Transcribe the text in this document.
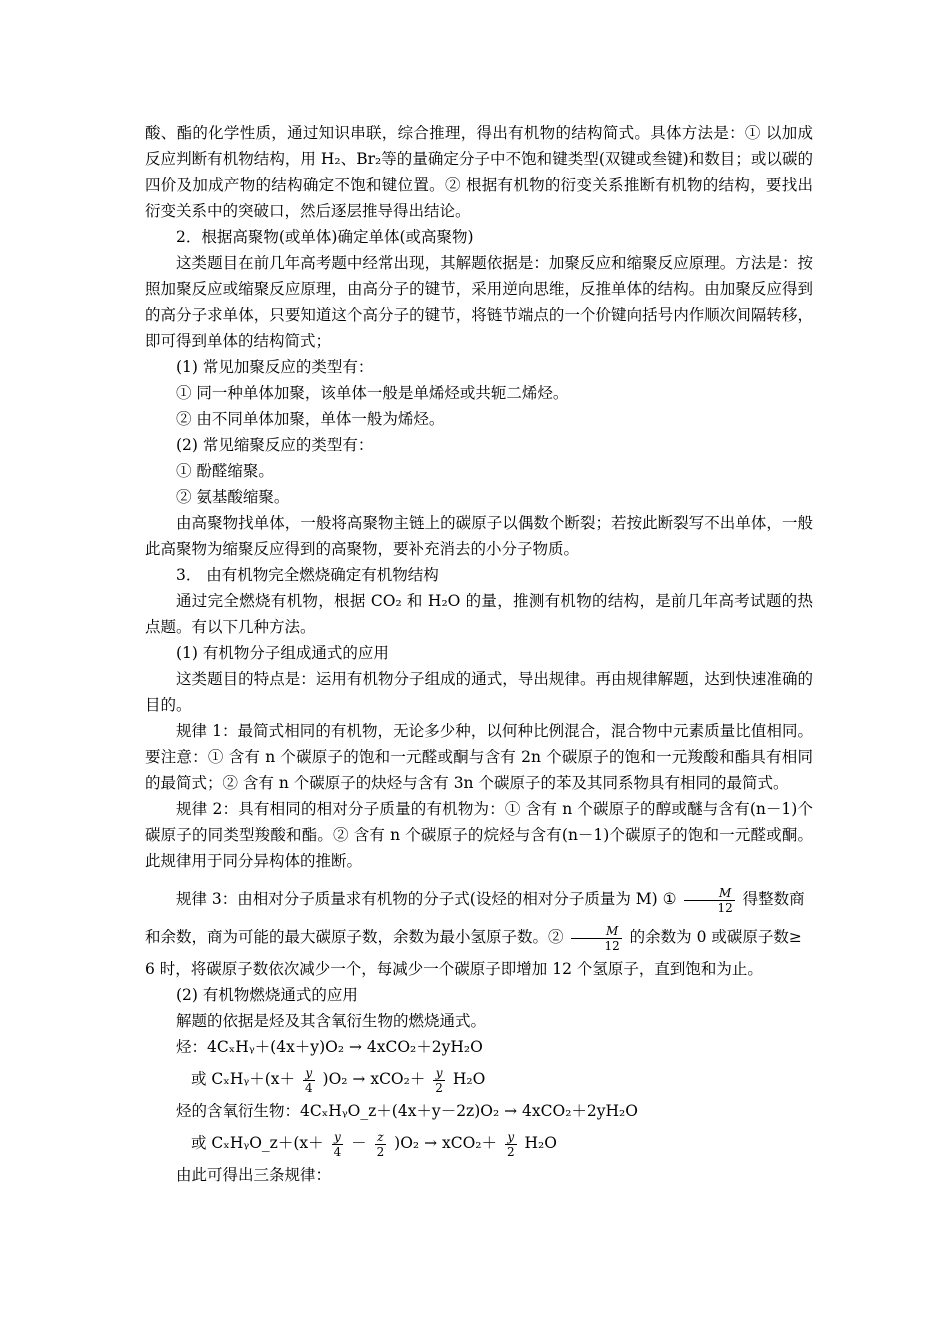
酸、酯的化学性质，通过知识串联，综合推理，得出有机物的结构简式。具体方法是：① 以加成反应判断有机物结构，用 H₂、Br₂等的量确定分子中不饱和键类型(双键或叁键)和数目；或以碳的四价及加成产物的结构确定不饱和键位置。② 根据有机物的衍变关系推断有机物的结构，要找出衍变关系中的突破口，然后逐层推导得出结论。

2．根据高聚物(或单体)确定单体(或高聚物)

这类题目在前几年高考题中经常出现，其解题依据是：加聚反应和缩聚反应原理。方法是：按照加聚反应或缩聚反应原理，由高分子的键节，采用逆向思维，反推单体的结构。由加聚反应得到的高分子求单体，只要知道这个高分子的键节，将链节端点的一个价键向括号内作顺次间隔转移，即可得到单体的结构简式；

(1) 常见加聚反应的类型有：

① 同一种单体加聚，该单体一般是单烯烃或共轭二烯烃。

② 由不同单体加聚，单体一般为烯烃。

(2) 常见缩聚反应的类型有：

① 酚醛缩聚。

② 氨基酸缩聚。

由高聚物找单体，一般将高聚物主链上的碳原子以偶数个断裂；若按此断裂写不出单体，一般此高聚物为缩聚反应得到的高聚物，要补充消去的小分子物质。

3． 由有机物完全燃烧确定有机物结构

通过完全燃烧有机物，根据 CO₂ 和 H₂O 的量，推测有机物的结构，是前几年高考试题的热点题。有以下几种方法。

(1) 有机物分子组成通式的应用

这类题目的特点是：运用有机物分子组成的通式，导出规律。再由规律解题，达到快速准确的目的。

规律 1：最简式相同的有机物，无论多少种，以何种比例混合，混合物中元素质量比值相同。要注意：① 含有 n 个碳原子的饱和一元醛或酮与含有 2n 个碳原子的饱和一元羧酸和酯具有相同的最简式；② 含有 n 个碳原子的炔烃与含有 3n 个碳原子的苯及其同系物具有相同的最简式。

规律 2：具有相同的相对分子质量的有机物为：① 含有 n 个碳原子的醇或醚与含有(n－1)个碳原子的同类型羧酸和酯。② 含有 n 个碳原子的烷烃与含有(n－1)个碳原子的饱和一元醛或酮。此规律用于同分异构体的推断。

规律 3：由相对分子质量求有机物的分子式(设烃的相对分子质量为 M) ① $\frac{M}{12}$ 得整数商
和余数，商为可能的最大碳原子数，余数为最小氢原子数。② $\frac{M}{12}$ 的余数为 0 或碳原子数≥

6 时，将碳原子数依次减少一个，每减少一个碳原子即增加 12 个氢原子，直到饱和为止。

(2) 有机物燃烧通式的应用

解题的依据是烃及其含氧衍生物的燃烧通式。

烃：4CₓHᵧ＋(4x＋y)O₂ → 4xCO₂＋2yH₂O

或 CₓHᵧ＋(x＋ $\frac{y}{4} )O_2 \to xCO_2+ \frac{y}{2} H_2O$

烃的含氧衍生物：4CₓHᵧO_z＋(4x＋y－2z)O₂ → 4xCO₂＋2yH₂O

或 CₓHᵧO_z＋(x＋ $\frac{y}{4} - \frac{z}{2} )O_2 \to xCO_2+ \frac{y}{2} H_2O$

由此可得出三条规律：
